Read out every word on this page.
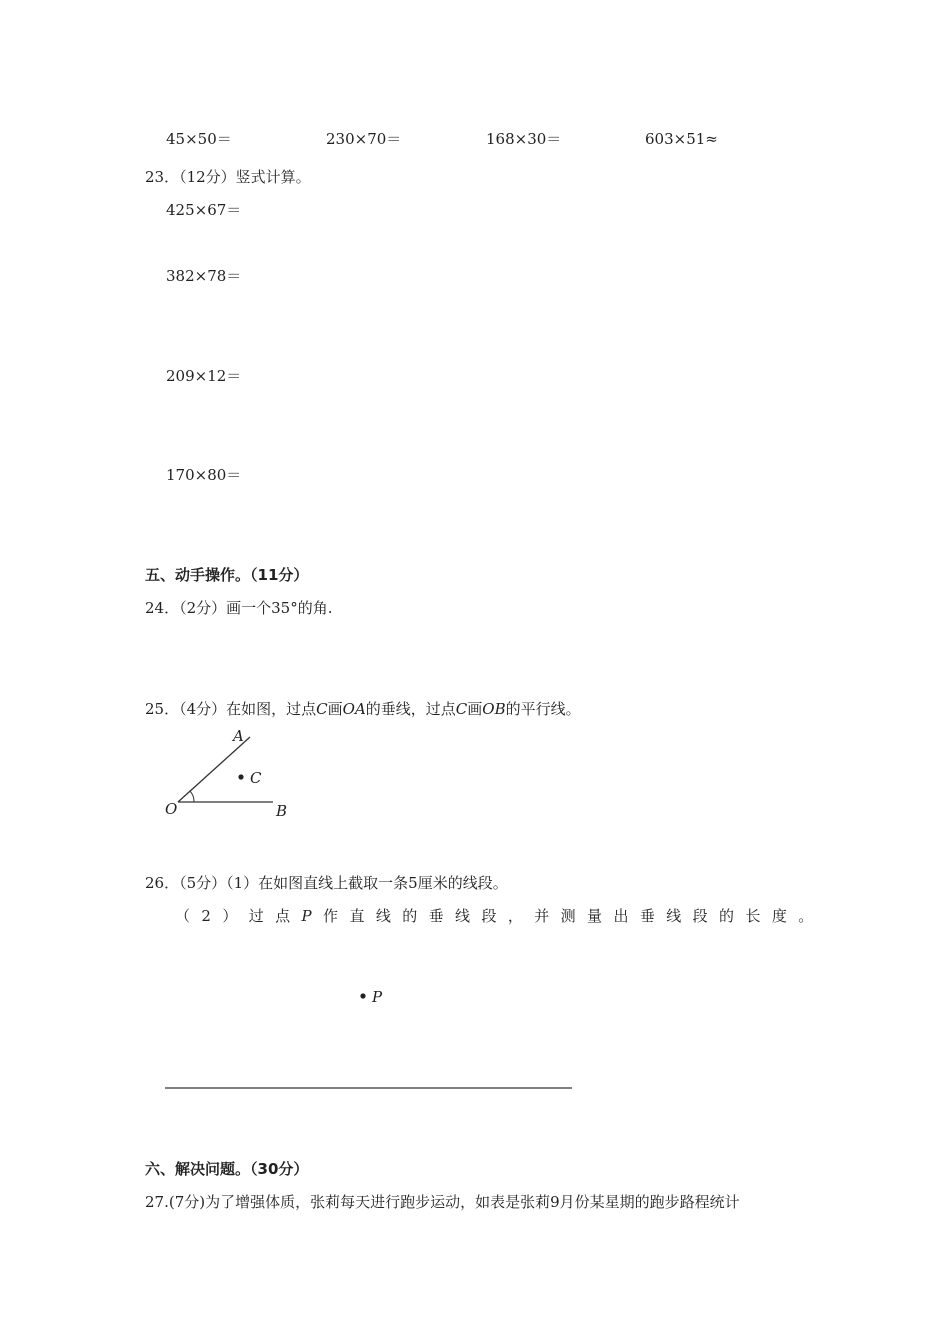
45×50＝	230×70＝	168×30＝	603×51≈
23．（12分）竖式计算。
425×67＝
382×78＝
209×12＝
170×80＝
五、动手操作。（11分）
24．（2分）画一个35°的角.
25．（4分）在如图，过点C画OA的垂线，过点C画OB的平行线。
A
C
O	B
26．（5分）（1）在如图直线上截取一条5厘米的线段。
（2）过点P作直线的垂线段，并测量出垂线段的长度。
P
六、解决问题。（30分）
27.(7分)为了增强体质，张莉每天进行跑步运动，如表是张莉9月份某星期的跑步路程统计
